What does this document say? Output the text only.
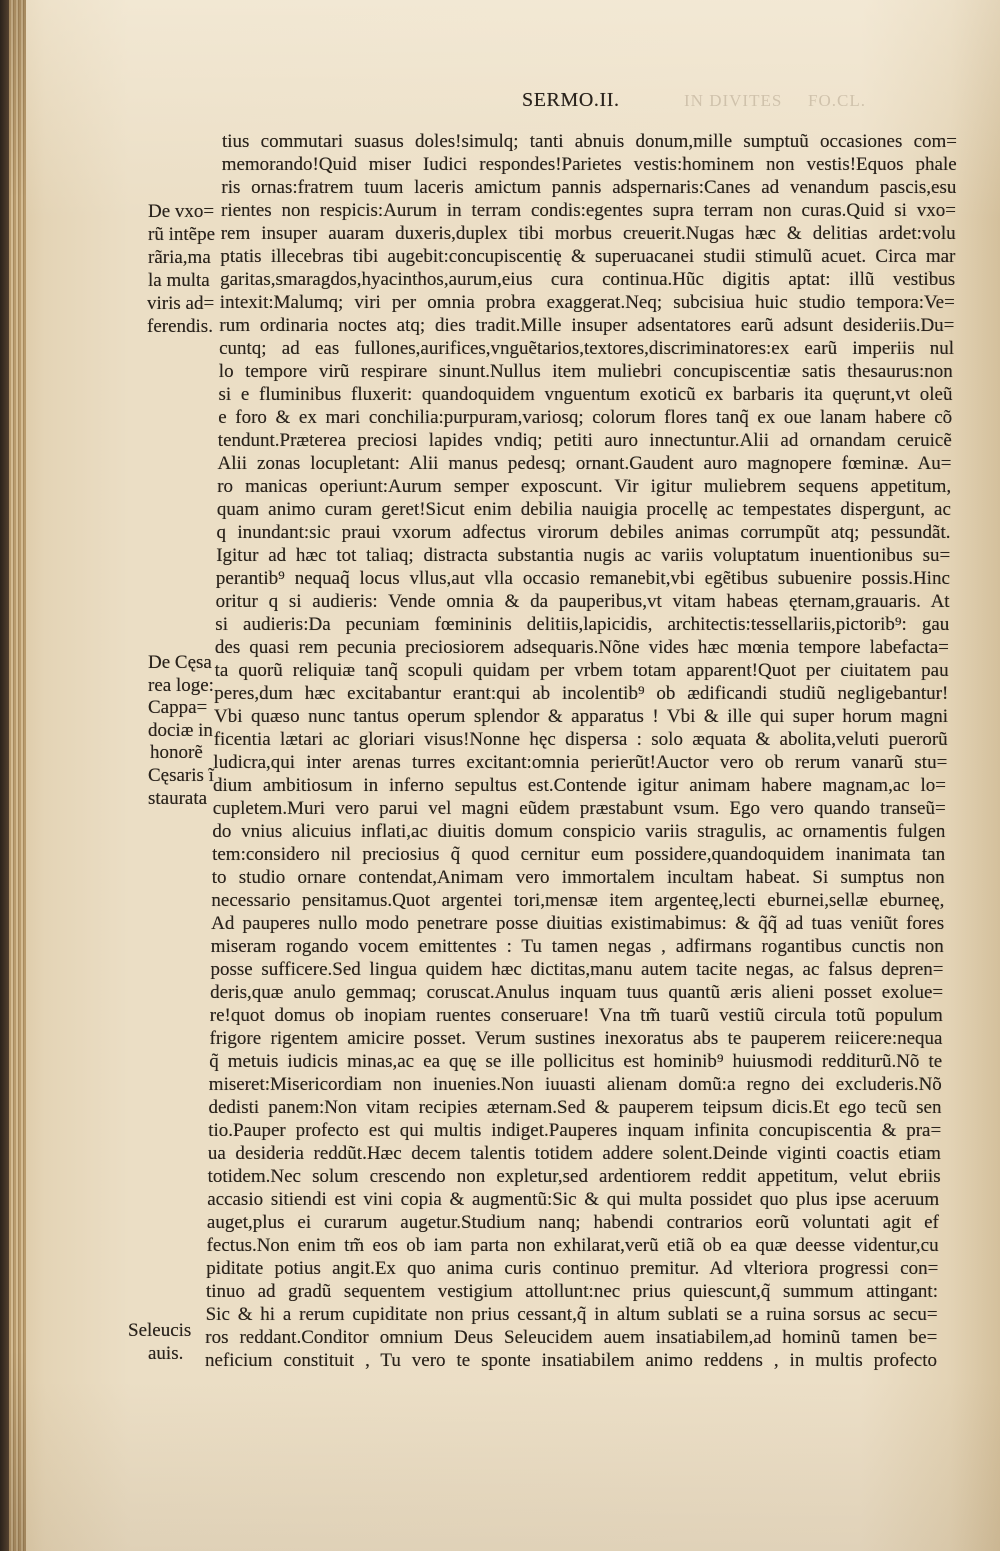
SERMO.II.	IN DIVITES FO.CL.
tius commutari suasus doles!simulq; tanti abnuis donum,mille sumptuũ occasiones com=
memorando!Quid miser Iudici respondes!Parietes vestis:hominem non vestis!Equos phale
ris ornas:fratrem tuum laceris amictum pannis adspernaris:Canes ad venandum pascis,esu
rientes non respicis:Aurum in terram condis:egentes supra terram non curas.Quid si vxo=
rem insuper auaram duxeris,duplex tibi morbus creuerit.Nugas hæc & delitias ardet:volu
ptatis illecebras tibi augebit:concupiscentię & superuacanei studii stimulũ acuet. Circa mar
garitas,smaragdos,hyacinthos,aurum,eius cura continua.Hũc digitis aptat: illũ vestibus
intexit:Malumq; viri per omnia probra exaggerat.Neq; subcisiua huic studio tempora:Ve=
rum ordinaria noctes atq; dies tradit.Mille insuper adsentatores earũ adsunt desideriis.Du=
cuntq; ad eas fullones,aurifices,vnguẽtarios,textores,discriminatores:ex earũ imperiis nul
lo tempore virũ respirare sinunt.Nullus item muliebri concupiscentiæ satis thesaurus:non
si e fluminibus fluxerit: quandoquidem vnguentum exoticũ ex barbaris ita quęrunt,vt oleũ
e foro & ex mari conchilia:purpuram,variosq; colorum flores tanq̃ ex oue lanam habere cõ
tendunt.Præterea preciosi lapides vndiq; petiti auro innectuntur.Alii ad ornandam ceruicẽ
Alii zonas locupletant: Alii manus pedesq; ornant.Gaudent auro magnopere fœminæ. Au=
ro manicas operiunt:Aurum semper exposcunt. Vir igitur muliebrem sequens appetitum,
quam animo curam geret!Sicut enim debilia nauigia procellę ac tempestates dispergunt, ac
q inundant:sic praui vxorum adfectus virorum debiles animas corrumpũt atq; pessundãt.
Igitur ad hæc tot taliaq; distracta substantia nugis ac variis voluptatum inuentionibus su=
perantib⁹ nequaq̃ locus vllus,aut vlla occasio remanebit,vbi egẽtibus subuenire possis.Hinc
oritur q si audieris: Vende omnia & da pauperibus,vt vitam habeas ęternam,grauaris. At
si audieris:Da pecuniam fœmininis delitiis,lapicidis, architectis:tessellariis,pictorib⁹: gau
des quasi rem pecunia preciosiorem adsequaris.Nõne vides hæc mœnia tempore labefacta=
ta quorũ reliquiæ tanq̃ scopuli quidam per vrbem totam apparent!Quot per ciuitatem pau
peres,dum hæc excitabantur erant:qui ab incolentib⁹ ob ædificandi studiũ negligebantur!
Vbi quæso nunc tantus operum splendor & apparatus ! Vbi & ille qui super horum magni
ficentia lætari ac gloriari visus!Nonne hęc dispersa : solo æquata & abolita,veluti puerorũ
ludicra,qui inter arenas turres excitant:omnia perierũt!Auctor vero ob rerum vanarũ stu=
dium ambitiosum in inferno sepultus est.Contende igitur animam habere magnam,ac lo=
cupletem.Muri vero parui vel magni eũdem præstabunt vsum. Ego vero quando transeũ=
do vnius alicuius inflati,ac diuitis domum conspicio variis stragulis, ac ornamentis fulgen
tem:considero nil preciosius q̃ quod cernitur eum possidere,quandoquidem inanimata tan
to studio ornare contendat,Animam vero immortalem incultam habeat. Si sumptus non
necessario pensitamus.Quot argentei tori,mensæ item argenteę,lecti eburnei,sellæ eburneę,
Ad pauperes nullo modo penetrare posse diuitias existimabimus: & q̃q̃ ad tuas veniũt fores
miseram rogando vocem emittentes : Tu tamen negas , adfirmans rogantibus cunctis non
posse sufficere.Sed lingua quidem hæc dictitas,manu autem tacite negas, ac falsus depren=
deris,quæ anulo gemmaq; coruscat.Anulus inquam tuus quantũ æris alieni posset exolue=
re!quot domus ob inopiam ruentes conseruare! Vna tm̃ tuarũ vestiũ circula totũ populum
frigore rigentem amicire posset. Verum sustines inexoratus abs te pauperem reiicere:nequa
q̃ metuis iudicis minas,ac ea quę se ille pollicitus est hominib⁹ huiusmodi redditurũ.Nõ te
miseret:Misericordiam non inuenies.Non iuuasti alienam domũ:a regno dei excluderis.Nõ
dedisti panem:Non vitam recipies æternam.Sed & pauperem teipsum dicis.Et ego tecũ sen
tio.Pauper profecto est qui multis indiget.Pauperes inquam infinita concupiscentia & pra=
ua desideria reddũt.Hæc decem talentis totidem addere solent.Deinde viginti coactis etiam
totidem.Nec solum crescendo non expletur,sed ardentiorem reddit appetitum, velut ebriis
accasio sitiendi est vini copia & augmentũ:Sic & qui multa possidet quo plus ipse aceruum
auget,plus ei curarum augetur.Studium nanq; habendi contrarios eorũ voluntati agit ef
fectus.Non enim tm̃ eos ob iam parta non exhilarat,verũ etiã ob ea quæ deesse videntur,cu
piditate potius angit.Ex quo anima curis continuo premitur. Ad vlteriora progressi con=
tinuo ad gradũ sequentem vestigium attollunt:nec prius quiescunt,q̃ summum attingant:
Sic & hi a rerum cupiditate non prius cessant,q̃ in altum sublati se a ruina sorsus ac secu=
ros reddant.Conditor omnium Deus Seleucidem auem insatiabilem,ad hominũ tamen be=
neficium constituit , Tu vero te sponte insatiabilem animo reddens , in multis profecto
De vxo=
rũ intẽpe
rãria,ma
la multa
viris ad=
ferendis.
De Cęsa
rea loge:
Cappa=
dociæ in
honorẽ
Cęsaris ĩ
staurata
Seleucis
auis.
